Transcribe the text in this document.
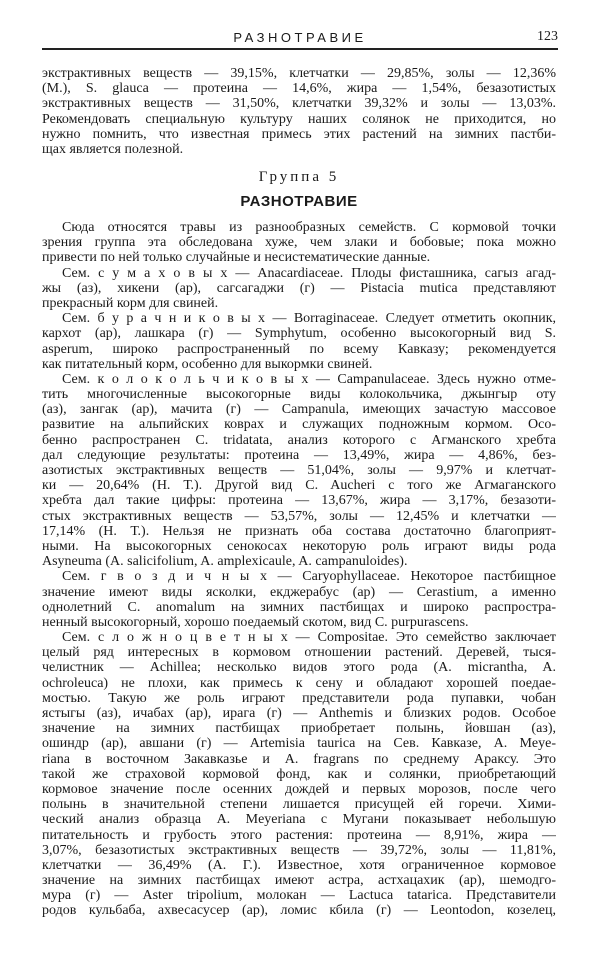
РАЗНОТРАВИЕ	123
экстрактивных веществ — 39,15%, клетчатки — 29,85%, золы — 12,36%
(М.), S. glauca — протеина — 14,6%, жира — 1,54%, безазотистых
экстрактивных веществ — 31,50%, клетчатки 39,32% и золы — 13,03%.
Рекомендовать специальную культуру наших солянок не приходится, но
нужно помнить, что известная примесь этих растений на зимних пастби-
щах является полезной.
Группа 5
РАЗНОТРАВИЕ
Сюда относятся травы из разнообразных семейств. С кормовой точки
зрения группа эта обследована хуже, чем злаки и бобовые; пока можно
привести по ней только случайные и несистематические данные.
Сем. с у м а х о в ы х — Anacardiaceae. Плоды фисташника, сагыз агад-
жы (аз), хикени (ар), сагсагаджи (г) — Pistacia mutica представляют
прекрасный корм для свиней.
Сем. б у р а ч н и к о в ы х — Borraginaceae. Следует отметить окопник,
кархот (ар), лашкара (г) — Symphytum, особенно высокогорный вид S.
asperum, широко распространенный по всему Кавказу; рекомендуется
как питательный корм, особенно для выкормки свиней.
Сем. к о л о к о л ь ч и к о в ы х — Campanulaceae. Здесь нужно отме-
тить многочисленные высокогорные виды колокольчика, джынгыр оту
(аз), зангак (ар), мачита (г) — Campanula, имеющих зачастую массовое
развитие на альпийских коврах и служащих подножным кормом. Осо-
бенно распространен C. tridatata, анализ которого с Агманского хребта
дал следующие результаты: протеина — 13,49%, жира — 4,86%, без-
азотистых экстрактивных веществ — 51,04%, золы — 9,97% и клетчат-
ки — 20,64% (Н. Т.). Другой вид C. Aucheri с того же Агмаганского
хребта дал такие цифры: протеина — 13,67%, жира — 3,17%, безазоти-
стых экстрактивных веществ — 53,57%, золы — 12,45% и клетчатки —
17,14% (Н. Т.). Нельзя не признать оба состава достаточно благоприят-
ными. На высокогорных сенокосах некоторую роль играют виды рода
Asyneuma (A. salicifolium, A. amplexicaule, A. campanuloides).
Сем. г в о з д и ч н ы х — Caryophyllaceae. Некоторое пастбищное
значение имеют виды ясколки, екджерабус (ар) — Cerastium, а именно
однолетний C. anomalum на зимних пастбищах и широко распростра-
ненный высокогорный, хорошо поедаемый скотом, вид C. purpurascens.
Сем. с л о ж н о ц в е т н ы х — Compositae. Это семейство заключает
целый ряд интересных в кормовом отношении растений. Деревей, тыся-
челистник — Achillea; несколько видов этого рода (A. micrantha, A.
ochroleuca) не плохи, как примесь к сену и обладают хорошей поедае-
мостью. Такую же роль играют представители рода пупавки, чобан
ястыгы (аз), ичабах (ар), ирага (г) — Anthemis и близких родов. Особое
значение на зимних пастбищах приобретает полынь, йовшан (аз),
ошиндр (ар), авшани (г) — Artemisia taurica на Сев. Кавказе, A. Meye-
riana в восточном Закавказье и A. fragrans по среднему Араксу. Это
такой же страховой кормовой фонд, как и солянки, приобретающий
кормовое значение после осенних дождей и первых морозов, после чего
полынь в значительной степени лишается присущей ей горечи. Хими-
ческий анализ образца A. Meyeriana с Мугани показывает небольшую
питательность и грубость этого растения: протеина — 8,91%, жира —
3,07%, безазотистых экстрактивных веществ — 39,72%, золы — 11,81%,
клетчатки — 36,49% (А. Г.). Известное, хотя ограниченное кормовое
значение на зимних пастбищах имеют астра, астхацахик (ар), шемодго-
мура (г) — Aster tripolium, молокан — Lactuca tatarica. Представители
родов кульбаба, ахвесасусер (ар), ломис кбила (г) — Leontodon, козелец,
